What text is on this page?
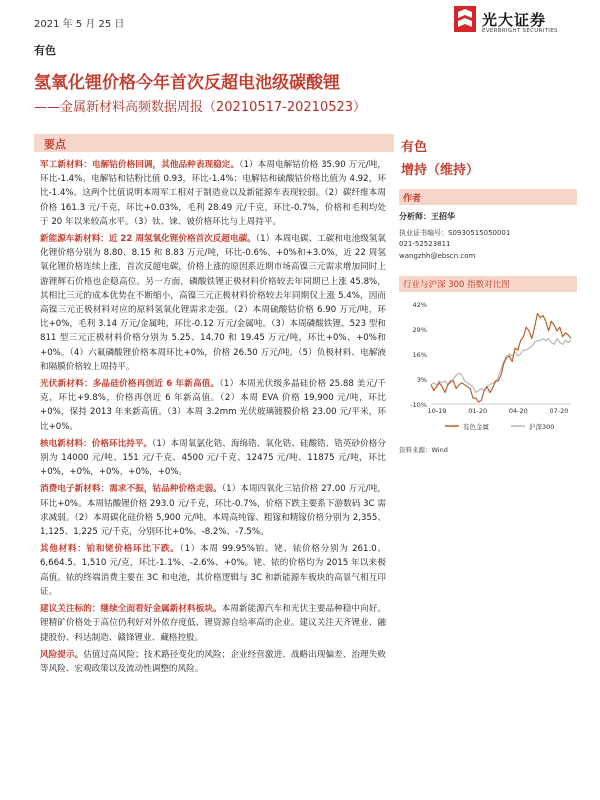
2021 年 5 月 25 日	光大证券
EVERBRIGHT SECURITIES
有色
氢氧化锂价格今年首次反超电池级碳酸锂
——金属新材料高频数据周报（20210517-20210523）
要点

军工新材料：电解钴价格回调，其他品种表现稳定。（1）本周电解钴价格 35.90 万元/吨，环比-1.4%。电解钴和钴粉比值 0.93，环比-1.4%；电解钴和硫酸钴价格比值为 4.92，环比-1.4%。这两个比值说明本周军工相对于制造业以及新能源车表现较弱。（2）碳纤维本周价格 161.3 元/千克，环比+0.03%，毛利 28.49 元/千克，环比-0.7%，价格和毛利均处于 20 年以来较高水平。（3）钛、铼、铍价格环比与上周持平。

新能源车新材料：近 22 周氢氧化锂价格首次反超电碳。（1）本周电碳、工碳和电池级氢氧化锂价格分别为 8.80、8.15 和 8.83 万元/吨，环比-0.6%、+0%和+3.0%，近 22 周氢氧化锂价格连续上涨，首次反超电碳，价格上涨的原因系近期市场高镍三元需求增加同时上游锂辉石价格也企稳高位。另一方面，磷酸铁锂正极材料价格较去年同期已上涨 45.8%，其相比三元的成本优势在不断缩小，高镍三元正极材料价格较去年同期仅上涨 5.4%，因而高镍三元正极材料对应的原料氢氧化锂需求走强。（2）本周硫酸钴价格 6.90 万元/吨，环比+0%，毛利 3.14 万元/金属吨，环比-0.12 万元/金属吨。（3）本周磷酸铁锂、523 型和 811 型三元正极材料价格分别为 5.25、14.70 和 19.45 万元/吨，环比+0%、+0%和+0%。（4）六氟磷酸锂价格本周环比+0%，价格 26.50 万元/吨。（5）负极材料、电解液和隔膜价格较上周持平。

光伏新材料：多晶硅价格再创近 6 年新高值。（1）本周光伏级多晶硅价格 25.88 美元/千克，环比+9.8%，价格再创近 6 年新高值。（2）本周 EVA 价格 19,900 元/吨，环比+0%，保持 2013 年来新高值。（3）本周 3.2mm 光伏玻璃镀膜价格 23.00 元/平米，环比+0%。

核电新材料：价格环比持平。（1）本周氧氯化锆、海绵锆、氧化锆、硅酸锆、锆英砂价格分别为 14000 元/吨、151 元/千克、4500 元/千克、12475 元/吨、11875 元/吨，环比+0%，+0%，+0%，+0%，+0%。

消费电子新材料：需求不振，钴品种价格走弱。（1）本周四氧化三钴价格 27.00 万元/吨，环比+0%。本周钴酸锂价格 293.0 元/千克，环比-0.7%，价格下跌主要系下游数码 3C 需求减弱。（2）本周碳化硅价格 5,900 元/吨，本周高纯镓、粗镓和精镓价格分别为 2,355、1,125、1,225 元/千克，分别环比+0%、-8.2%、-7.5%。

其他材料：铂和铑价格环比下跌。（1）本周 99.95%铂、铑、铱价格分别为 261.0、6,664.5、1,510 元/克，环比-1.1%、-2.6%、+0%。铑、铱的价格均为 2015 年以来极高值。铱的终端消费主要在 3C 和电池，其价格逻辑与 3C 和新能源车板块的高景气相互印证。

建议关注标的：继续全面看好金属新材料板块。本周新能源汽车和光伏主要品种稳中向好。锂精矿价格处于高位仍利好对外依存度低、锂资源自给率高的企业。建议关注天齐锂业、融捷股份、科达制造、赣锋锂业、藏格控股。

风险提示。估值过高风险；技术路径变化的风险；企业经营激进、战略出现偏差、治理失败等风险、宏观政策以及流动性调整的风险。

有色
增持（维持）
作者
分析师：王招华
执业证书编号：S0930515050001
021-52523811
wangzhh@ebscn.com
行业与沪深 300 指数对比图
42%
29%
16%
3%
-10%
10-19	01-20	04-20	07-20
有色金属	沪深300
资料来源：Wind
